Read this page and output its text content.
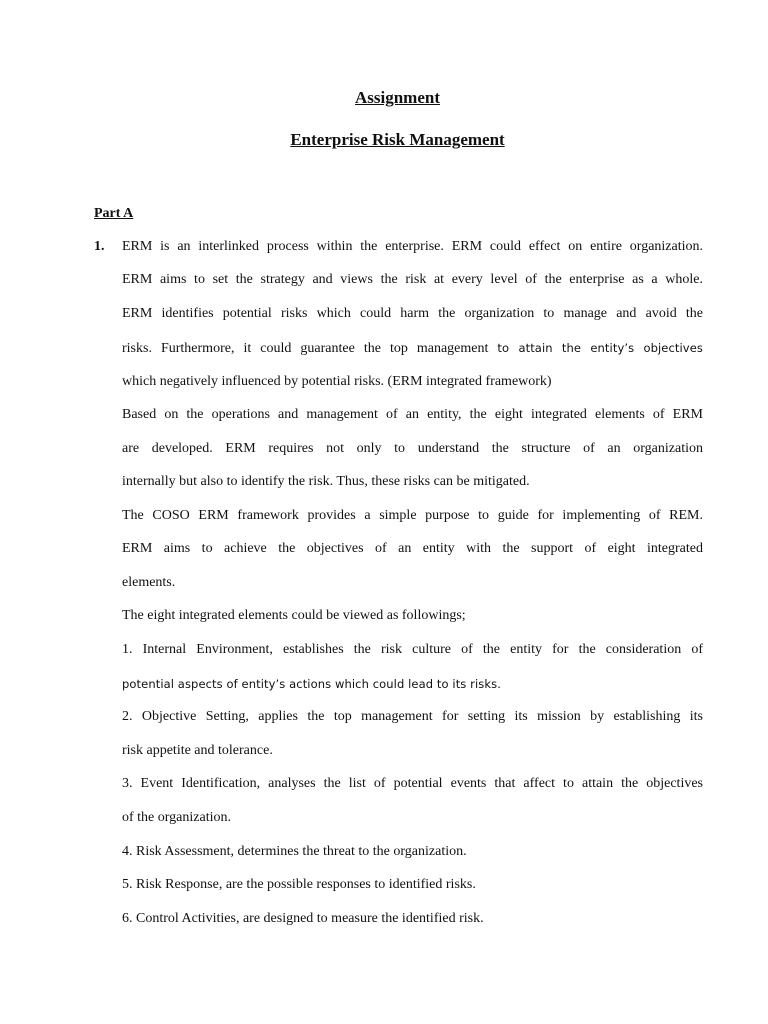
Assignment
Enterprise Risk Management
Part A
1. ERM is an interlinked process within the enterprise. ERM could effect on entire organization.
ERM aims to set the strategy and views the risk at every level of the enterprise as a whole.
ERM identifies potential risks which could harm the organization to manage and avoid the
risks. Furthermore, it could guarantee the top management to attain the entity’s objectives
which negatively influenced by potential risks. (ERM integrated framework)
Based on the operations and management of an entity, the eight integrated elements of ERM
are developed. ERM requires not only to understand the structure of an organization
internally but also to identify the risk. Thus, these risks can be mitigated.
The COSO ERM framework provides a simple purpose to guide for implementing of REM.
ERM aims to achieve the objectives of an entity with the support of eight integrated
elements.
The eight integrated elements could be viewed as followings;
1. Internal Environment, establishes the risk culture of the entity for the consideration of
potential aspects of entity’s actions which could lead to its risks.
2. Objective Setting, applies the top management for setting its mission by establishing its
risk appetite and tolerance.
3. Event Identification, analyses the list of potential events that affect to attain the objectives
of the organization.
4. Risk Assessment, determines the threat to the organization.
5. Risk Response, are the possible responses to identified risks.
6. Control Activities, are designed to measure the identified risk.
